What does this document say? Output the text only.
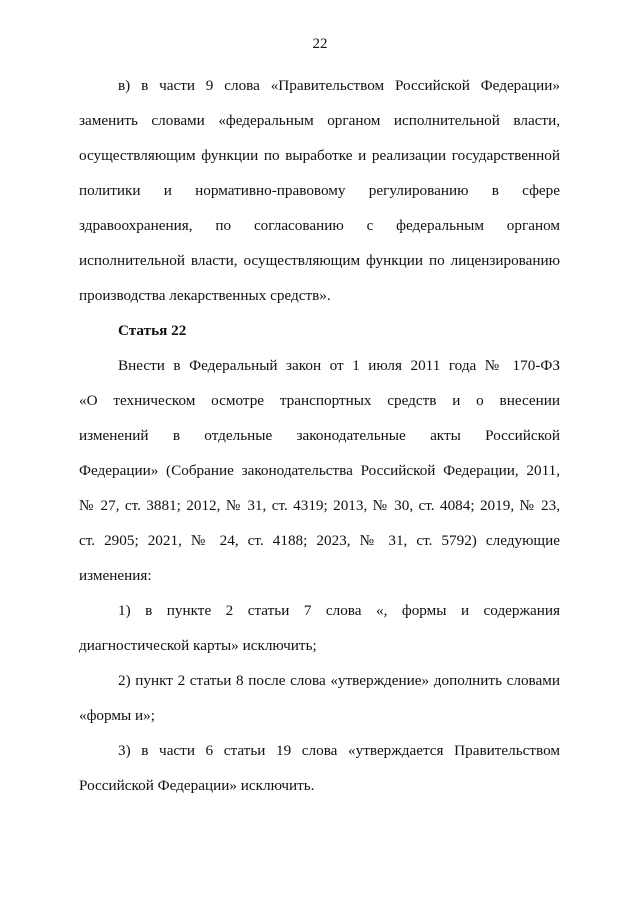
22
в) в части 9 слова «Правительством Российской Федерации»
заменить словами «федеральным органом исполнительной власти,
осуществляющим функции по выработке и реализации государственной
политики и нормативно-правовому регулированию в сфере
здравоохранения, по согласованию с федеральным органом
исполнительной власти, осуществляющим функции по лицензированию
производства лекарственных средств».
Статья 22
Внести в Федеральный закон от 1 июля 2011 года № 170-ФЗ
«О техническом осмотре транспортных средств и о внесении
изменений в отдельные законодательные акты Российской
Федерации» (Собрание законодательства Российской Федерации, 2011,
№ 27, ст. 3881; 2012, № 31, ст. 4319; 2013, № 30, ст. 4084; 2019, № 23,
ст. 2905; 2021, № 24, ст. 4188; 2023, № 31, ст. 5792) следующие
изменения:
1) в пункте 2 статьи 7 слова «, формы и содержания
диагностической карты» исключить;
2) пункт 2 статьи 8 после слова «утверждение» дополнить словами
«формы и»;
3) в части 6 статьи 19 слова «утверждается Правительством
Российской Федерации» исключить.
